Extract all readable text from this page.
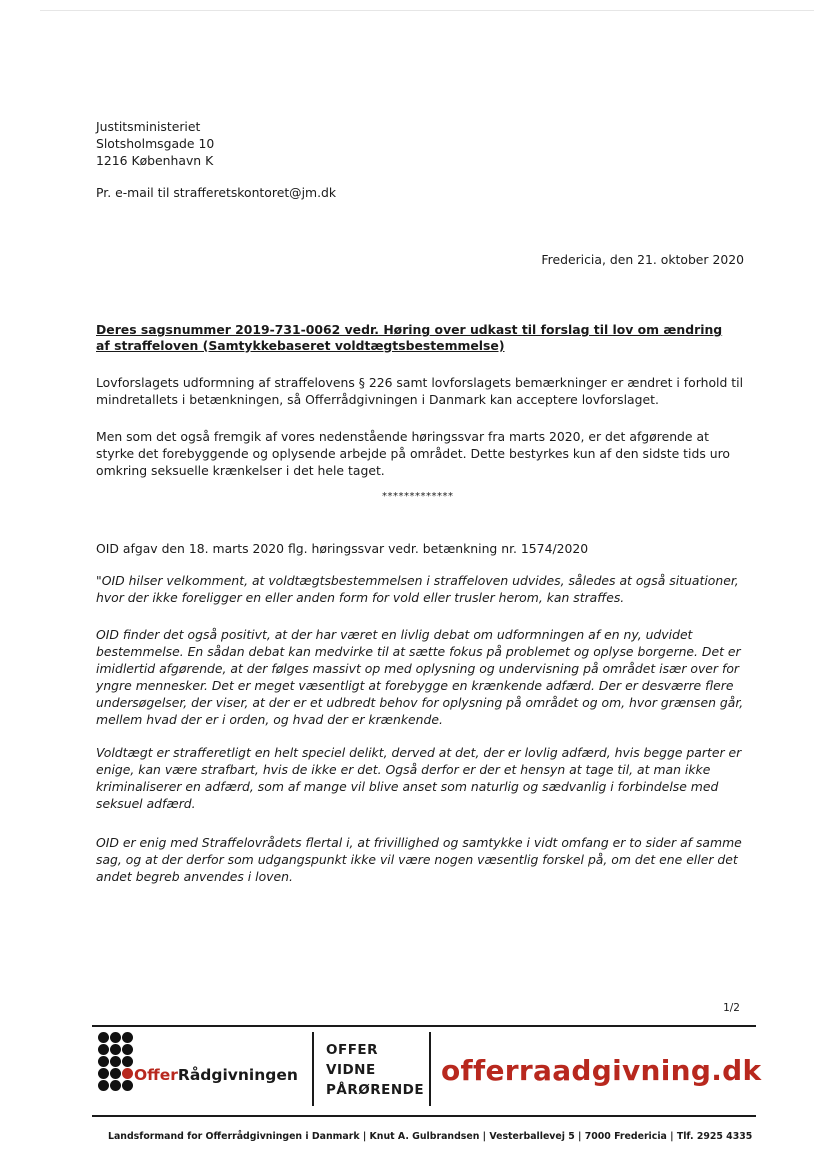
Justitsministeriet
Slotsholmsgade 10
1216 København K
Pr. e-mail til strafferetskontoret@jm.dk
Fredericia, den 21. oktober 2020
Deres sagsnummer 2019-731-0062 vedr. Høring over udkast til forslag til lov om ændring af straffeloven (Samtykkebaseret voldtægtsbestemmelse)
Lovforslagets udformning af straffelovens § 226 samt lovforslagets bemærkninger er ændret i forhold til mindretallets i betænkningen, så Offerrådgivningen i Danmark kan acceptere lovforslaget.
Men som det også fremgik af vores nedenstående høringssvar fra marts 2020, er det afgørende at styrke det forebyggende og oplysende arbejde på området. Dette bestyrkes kun af den sidste tids uro omkring seksuelle krænkelser i det hele taget.
*************
OID afgav den 18. marts 2020 flg. høringssvar vedr. betænkning nr. 1574/2020
"OID hilser velkomment, at voldtægtsbestemmelsen i straffeloven udvides, således at også situationer, hvor der ikke foreligger en eller anden form for vold eller trusler herom, kan straffes.
OID finder det også positivt, at der har været en livlig debat om udformningen af en ny, udvidet bestemmelse. En sådan debat kan medvirke til at sætte fokus på problemet og oplyse borgerne. Det er imidlertid afgørende, at der følges massivt op med oplysning og undervisning på området især over for yngre mennesker. Det er meget væsentligt at forebygge en krænkende adfærd. Der er desværre flere undersøgelser, der viser, at der er et udbredt behov for oplysning på området og om, hvor grænsen går, mellem hvad der er i orden, og hvad der er krænkende.
Voldtægt er strafferetligt en helt speciel delikt, derved at det, der er lovlig adfærd, hvis begge parter er enige, kan være strafbart, hvis de ikke er det. Også derfor er der et hensyn at tage til, at man ikke kriminaliserer en adfærd, som af mange vil blive anset som naturlig og sædvanlig i forbindelse med seksuel adfærd.
OID er enig med Straffelovrådets flertal i, at frivillighed og samtykke i vidt omfang er to sider af samme sag, og at der derfor som udgangspunkt ikke vil være nogen væsentlig forskel på, om det ene eller det andet begreb anvendes i loven.
1/2
OfferRådgivningen
OFFER
VIDNE
PÅRØRENDE
offerraadgivning.dk
Landsformand for Offerrådgivningen i Danmark | Knut A. Gulbrandsen | Vesterballevej 5 | 7000 Fredericia | Tlf. 2925 4335
